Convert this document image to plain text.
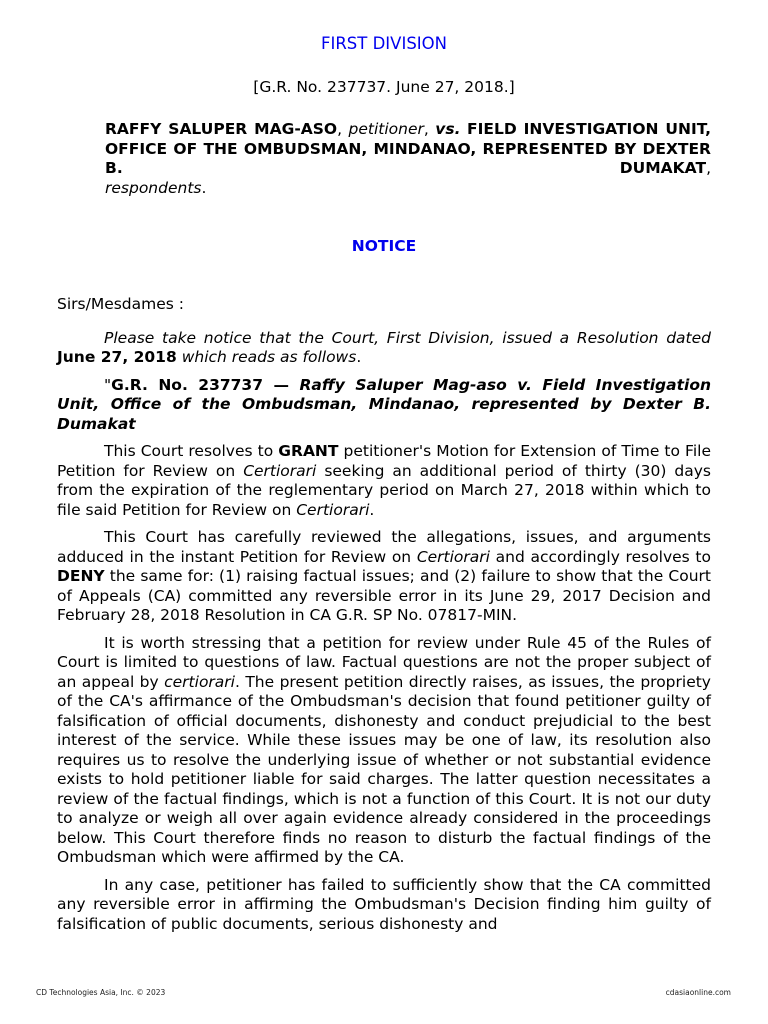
FIRST DIVISION
[G.R. No. 237737. June 27, 2018.]
RAFFY SALUPER MAG-ASO, petitioner, vs. FIELD INVESTIGATION UNIT, OFFICE OF THE OMBUDSMAN, MINDANAO, REPRESENTED BY DEXTER B. DUMAKAT,
respondents.
NOTICE

Sirs/Mesdames :

Please take notice that the Court, First Division, issued a Resolution dated June 27, 2018 which reads as follows.

"G.R. No. 237737 — Raffy Saluper Mag-aso v. Field Investigation Unit, Office of the Ombudsman, Mindanao, represented by Dexter B. Dumakat

This Court resolves to GRANT petitioner's Motion for Extension of Time to File Petition for Review on Certiorari seeking an additional period of thirty (30) days from the expiration of the reglementary period on March 27, 2018 within which to file said Petition for Review on Certiorari.

This Court has carefully reviewed the allegations, issues, and arguments adduced in the instant Petition for Review on Certiorari and accordingly resolves to DENY the same for: (1) raising factual issues; and (2) failure to show that the Court of Appeals (CA) committed any reversible error in its June 29, 2017 Decision and February 28, 2018 Resolution in CA G.R. SP No. 07817-MIN.

It is worth stressing that a petition for review under Rule 45 of the Rules of Court is limited to questions of law. Factual questions are not the proper subject of an appeal by certiorari. The present petition directly raises, as issues, the propriety of the CA's affirmance of the Ombudsman's decision that found petitioner guilty of falsification of official documents, dishonesty and conduct prejudicial to the best interest of the service. While these issues may be one of law, its resolution also requires us to resolve the underlying issue of whether or not substantial evidence exists to hold petitioner liable for said charges. The latter question necessitates a review of the factual findings, which is not a function of this Court. It is not our duty to analyze or weigh all over again evidence already considered in the proceedings below. This Court therefore finds no reason to disturb the factual findings of the Ombudsman which were affirmed by the CA.

In any case, petitioner has failed to sufficiently show that the CA committed any reversible error in affirming the Ombudsman's Decision finding him guilty of falsification of public documents, serious dishonesty and

CD Technologies Asia, Inc. © 2023	cdasiaonline.com
